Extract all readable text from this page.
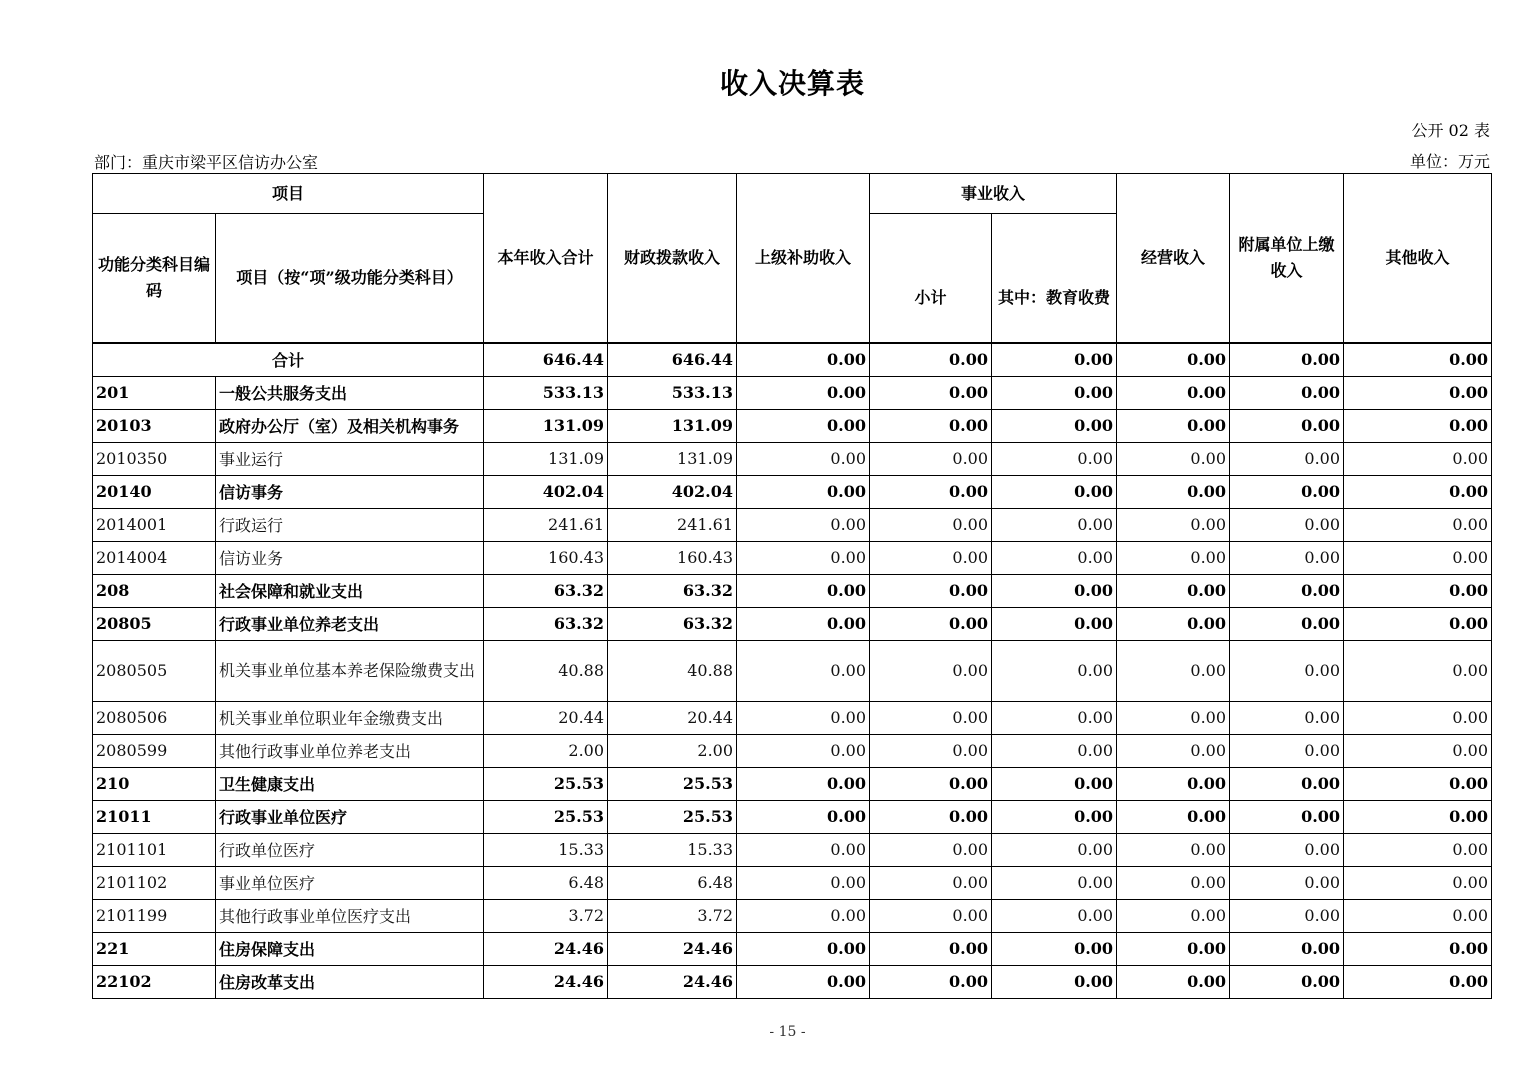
收入决算表
公开 02 表
部门：重庆市梁平区信访办公室	单位：万元
项目		本年收入合计	财政拨款收入	上级补助收入	事业收入		经营收入	附属单位上缴收入	其他收入
功能分类科目编码	项目（按“项”级功能分类科目）				小计	其中：教育收费			
合计		646.44	646.44	0.00	0.00	0.00	0.00	0.00	0.00
201	一般公共服务支出	533.13	533.13	0.00	0.00	0.00	0.00	0.00	0.00
20103	政府办公厅（室）及相关机构事务	131.09	131.09	0.00	0.00	0.00	0.00	0.00	0.00
2010350	事业运行	131.09	131.09	0.00	0.00	0.00	0.00	0.00	0.00
20140	信访事务	402.04	402.04	0.00	0.00	0.00	0.00	0.00	0.00
2014001	行政运行	241.61	241.61	0.00	0.00	0.00	0.00	0.00	0.00
2014004	信访业务	160.43	160.43	0.00	0.00	0.00	0.00	0.00	0.00
208	社会保障和就业支出	63.32	63.32	0.00	0.00	0.00	0.00	0.00	0.00
20805	行政事业单位养老支出	63.32	63.32	0.00	0.00	0.00	0.00	0.00	0.00
2080505	机关事业单位基本养老保险缴费支出	40.88	40.88	0.00	0.00	0.00	0.00	0.00	0.00
2080506	机关事业单位职业年金缴费支出	20.44	20.44	0.00	0.00	0.00	0.00	0.00	0.00
2080599	其他行政事业单位养老支出	2.00	2.00	0.00	0.00	0.00	0.00	0.00	0.00
210	卫生健康支出	25.53	25.53	0.00	0.00	0.00	0.00	0.00	0.00
21011	行政事业单位医疗	25.53	25.53	0.00	0.00	0.00	0.00	0.00	0.00
2101101	行政单位医疗	15.33	15.33	0.00	0.00	0.00	0.00	0.00	0.00
2101102	事业单位医疗	6.48	6.48	0.00	0.00	0.00	0.00	0.00	0.00
2101199	其他行政事业单位医疗支出	3.72	3.72	0.00	0.00	0.00	0.00	0.00	0.00
221	住房保障支出	24.46	24.46	0.00	0.00	0.00	0.00	0.00	0.00
22102	住房改革支出	24.46	24.46	0.00	0.00	0.00	0.00	0.00	0.00
- 15 -
